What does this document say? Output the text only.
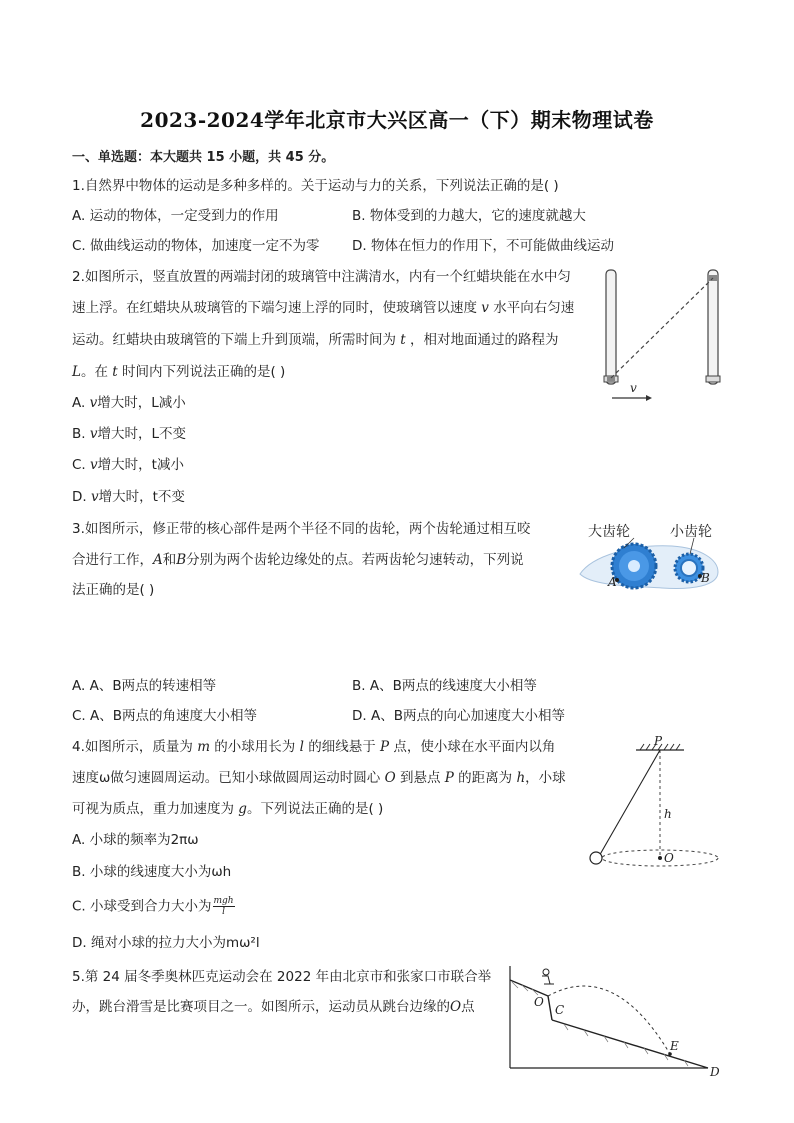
2023-2024学年北京市大兴区高一（下）期末物理试卷
一、单选题：本大题共 15 小题，共 45 分。
1.自然界中物体的运动是多种多样的。关于运动与力的关系，下列说法正确的是( )
A. 运动的物体，一定受到力的作用	B. 物体受到的力越大，它的速度就越大
C. 做曲线运动的物体，加速度一定不为零 D. 物体在恒力的作用下，不可能做曲线运动
2.如图所示，竖直放置的两端封闭的玻璃管中注满清水，内有一个红蜡块能在水中匀
速上浮。在红蜡块从玻璃管的下端匀速上浮的同时，使玻璃管以速度 v 水平向右匀速
运动。红蜡块由玻璃管的下端上升到顶端，所需时间为 t ，相对地面通过的路程为
L。在 t 时间内下列说法正确的是( )
A. v增大时，L减小
B. v增大时，L不变
C. v增大时，t减小
D. v增大时，t不变
v
3.如图所示，修正带的核心部件是两个半径不同的齿轮，两个齿轮通过相互咬
合进行工作，A和B分别为两个齿轮边缘处的点。若两齿轮匀速转动，下列说
法正确的是( )
A. A、B两点的转速相等	B. A、B两点的线速度大小相等
C. A、B两点的角速度大小相等	D. A、B两点的向心加速度大小相等
大齿轮	小齿轮
A	B
4.如图所示，质量为 m 的小球用长为 l 的细线悬于 P 点，使小球在水平面内以角
速度ω做匀速圆周运动。已知小球做圆周运动时圆心 O 到悬点 P 的距离为 h，小球
可视为质点，重力加速度为 g。下列说法正确的是( )
A. 小球的频率为2πω
B. 小球的线速度大小为ωh
C. 小球受到合力大小为 $\frac{\text{mgh}}{l}$
D. 绳对小球的拉力大小为mω²l
P
h
O
5.第 24 届冬季奥林匹克运动会在 2022 年由北京市和张家口市联合举
办，跳台滑雪是比赛项目之一。如图所示，运动员从跳台边缘的O点	O
C
E
D
